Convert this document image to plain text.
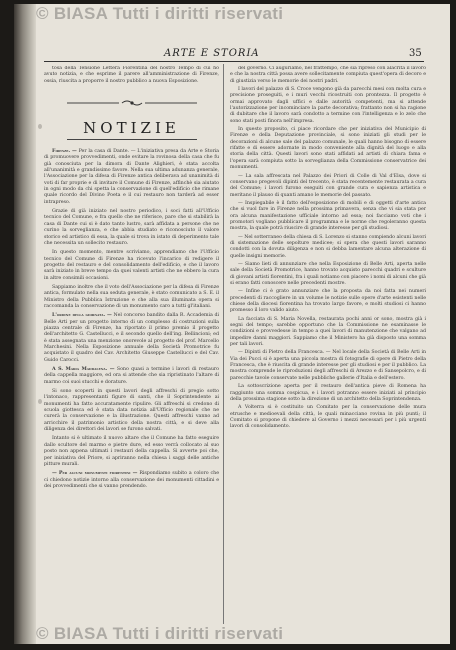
© BIASA Tutti i diritti riservati
ARTE E STORIA	35

tosa della Tensione Lettera Fiorentina del nostro Tempo di cui ho avuto notizia, e che esprime il parere all'amministrazione di Firenze, ossia, riuscita a proporre il nostro pubblico a nuova Esposizione.

NOTIZIE

Firenze. — Per la casa di Dante. — L'iniziativa presa da Arte e Storia di promuovere provvedimenti, onde evitare la rovinosa della casa che fu già conosciuta per la dimora di Dante Alighieri, è stata accolta all'unanimità e grandissimo favore. Nella sua ultima adunanza generale, l'Associazione per la difesa di Firenze antica deliberava ad unanimità di voti di far proprie e di invitare il Comune di Firenze, affinchè sia aiutato in ogni modo da chi spetta la conservazione di quell'edificio che rimane quale ricordo del Divino Poeta e il cui restauro non tarderà ad esser intrapreso.

Grazie di già iniziato nel nostro periodico, i soci fatti all'Ufficio tecnico del Comune, e fra quello che ne riferisce, pare che si stabilirà la casa di Dante cui si è dato tanto lustro, sarà affidata a persone che ne curino la sorveglianza, e che abbia studiato e riconosciuto il valore storico ed artistico di essa, la quale si trova in istato di deperimento tale che necessita un sollecito restauro.

In questo momento, mentre scriviamo, apprendiamo che l'Ufficio tecnico del Comune di Firenze ha ricevuto l'incarico di redigere il progetto del restauro e del consolidamento dell'edificio, e che il lavoro sarà iniziato in breve tempo da quei valenti artisti che ne ebbero la cura in altre consimili occasioni.

Sappiamo inoltre che il voto dell'Associazione per la difesa di Firenze antica, formulato nella sua seduta generale, è stato comunicato a S. E. il Ministro della Pubblica Istruzione e che alla sua illuminata opera si raccomanda la conservazione di un monumento caro a tutti gl'italiani.

L'ordine della giornata. — Nel concorso bandito dalla R. Accademia di Belle Arti per un progetto interno di un complesso di costruzioni sulla piazza centrale di Firenze, ha riportato il primo premio il progetto dell'architetto G. Castellucci, e il secondo quello dell'ing. Bellincioni; ed è stata assegnata una menzione onorevole al progetto del prof. Marcello Marchesini. Nella Esposizione annuale della Società Promotrice fu acquistato il quadro del Cav. Architetto Giuseppe Castellucci e del Cav. Guido Carocci.

A S. Maria Maddalena. — Sono quasi a termine i lavori di restauro della cappella maggiore, ed ora si attende che sia ripristinato l'altare di marmo coi suoi stucchi e dorature.

Si sono scoperti in questi lavori degli affreschi di pregio sotto l'intonaco, rappresentanti figure di santi, che il Soprintendente ai monumenti ha fatto accuratamente ripulire. Gli affreschi si credono di scuola giottesca ed è stata data notizia all'Ufficio regionale che ne curerà la conservazione e la illustrazione. Questi affreschi vanno ad arricchire il patrimonio artistico della nostra città, e si deve alla diligenza dei direttori dei lavori se furono salvati.

Intanto si è ultimato il nuovo altare che il Comune ha fatto eseguire dallo scultore del marmo e pietre dure, ed esso verrà collocato al suo posto non appena ultimati i restauri della cappella. Si avverte poi che, per iniziativa del Priore, si apriranno nella chiesa i saggi delle antiche pitture murali.

— Per alcuni monumenti fiorentini — Rispondiamo subito a coloro che ci chiedono notizie intorno alla conservazione dei monumenti cittadini e dei provvedimenti che si vanno prendendo.

del governo. Ci auguriamo, nel frattempo, che sia ripreso con alacrità il lavoro e che la nostra città possa avere sollecitamente compiuta quest'opera di decoro e di giustizia verso le memorie dei nostri padri.

I lavori del palazzo di S. Croce vengono già da parecchi mesi con molta cura e precisione proseguiti, e i muri vecchi ricostruiti con prontezza. Il progetto è ormai approvato dagli uffici e dalle autorità competenti, ma si attende l'autorizzazione per incominciare la parte decorativa; frattanto non si ha ragione di dubitare che il lavoro sarà condotto a termine con l'intelligenza e lo zelo che sono stati posti finora nell'impresa.

In questo proposito, ci piace ricordare che per iniziativa del Municipio di Firenze e della Deputazione provinciale, si sono iniziati gli studi per le decorazioni di alcune sale del palazzo comunale, le quali hanno bisogno di essere rifatte e di essere adornate in modo conveniente alla dignità del luogo e alla storia della città. Questi lavori sono stati affidati ad artisti di chiara fama e l'opera sarà compiuta sotto la sorveglianza della Commissione conservatrice dei monumenti.

— La sala affrescata nel Palazzo dei Priori di Colle di Val d'Elsa, dove si conservano pregevoli dipinti del trecento, è stata recentemente restaurata a cura del Comune; i lavori furono eseguiti con grande cura e sapienza artistica e meritano il plauso di quanti amano le memorie del passato.

— Inspiegabile è il fatto dell'esposizione di mobili e di oggetti d'arte antica che si vuol fare in Firenze nella prossima primavera, senza che vi sia stata per ora alcuna manifestazione ufficiale intorno ad essa; noi facciamo voti che i promotori vogliano pubblicare il programma e le norme che regoleranno questa mostra, la quale potrà riuscire di grande interesse per gli studiosi.

— Nel sotterraneo della chiesa di S. Lorenzo si stanno compiendo alcuni lavori di sistemazione delle sepolture medicee; si spera che questi lavori saranno condotti con la dovuta diligenza e non si debba lamentare alcuna alterazione di quelle insigni memorie.

— Siamo lieti di annunziare che nella Esposizione di Belle Arti, aperta nelle sale della Società Promotrice, hanno trovato acquisto parecchi quadri e sculture di giovani artisti fiorentini, fra i quali notiamo con piacere i nomi di alcuni che già si erano fatti conoscere nelle precedenti mostre.

— Infine ci è grato annunziare che la proposta da noi fatta nei numeri precedenti di raccogliere in un volume le notizie sulle opere d'arte esistenti nelle chiese della diocesi fiorentina ha trovato largo favore, e molti studiosi ci hanno promesso il loro valido aiuto.

La facciata di S. Maria Novella, restaurata pochi anni or sono, mostra già i segni del tempo; sarebbe opportuno che la Commissione ne esaminasse le condizioni e provvedesse in tempo a quei lavori di manutenzione che valgano ad impedire danni maggiori. Sappiamo che il Ministero ha già disposto una somma per tali lavori.

— Dipinti di Pietro della Francesca. — Nel locale della Società di Belle Arti in Via dei Pucci si è aperta una piccola mostra di fotografie di opere di Pietro della Francesca, che è riuscita di grande interesse per gli studiosi e per il pubblico. La mostra comprende le riproduzioni degli affreschi di Arezzo e di Sansepolcro, e di parecchie tavole conservate nelle pubbliche gallerie d'Italia e dell'estero.

La sottoscrizione aperta per il restauro dell'antica pieve di Romena ha raggiunto una somma cospicua, e i lavori potranno essere iniziati al principio della prossima stagione sotto la direzione di un architetto della Soprintendenza.

A Volterra si è costituito un Comitato per la conservazione delle mura etrusche e medioevali della città, le quali minacciano rovina in più punti; il Comitato si propone di chiedere al Governo i mezzi necessari per i più urgenti lavori di consolidamento.

© BIASA Tutti i diritti riservati
